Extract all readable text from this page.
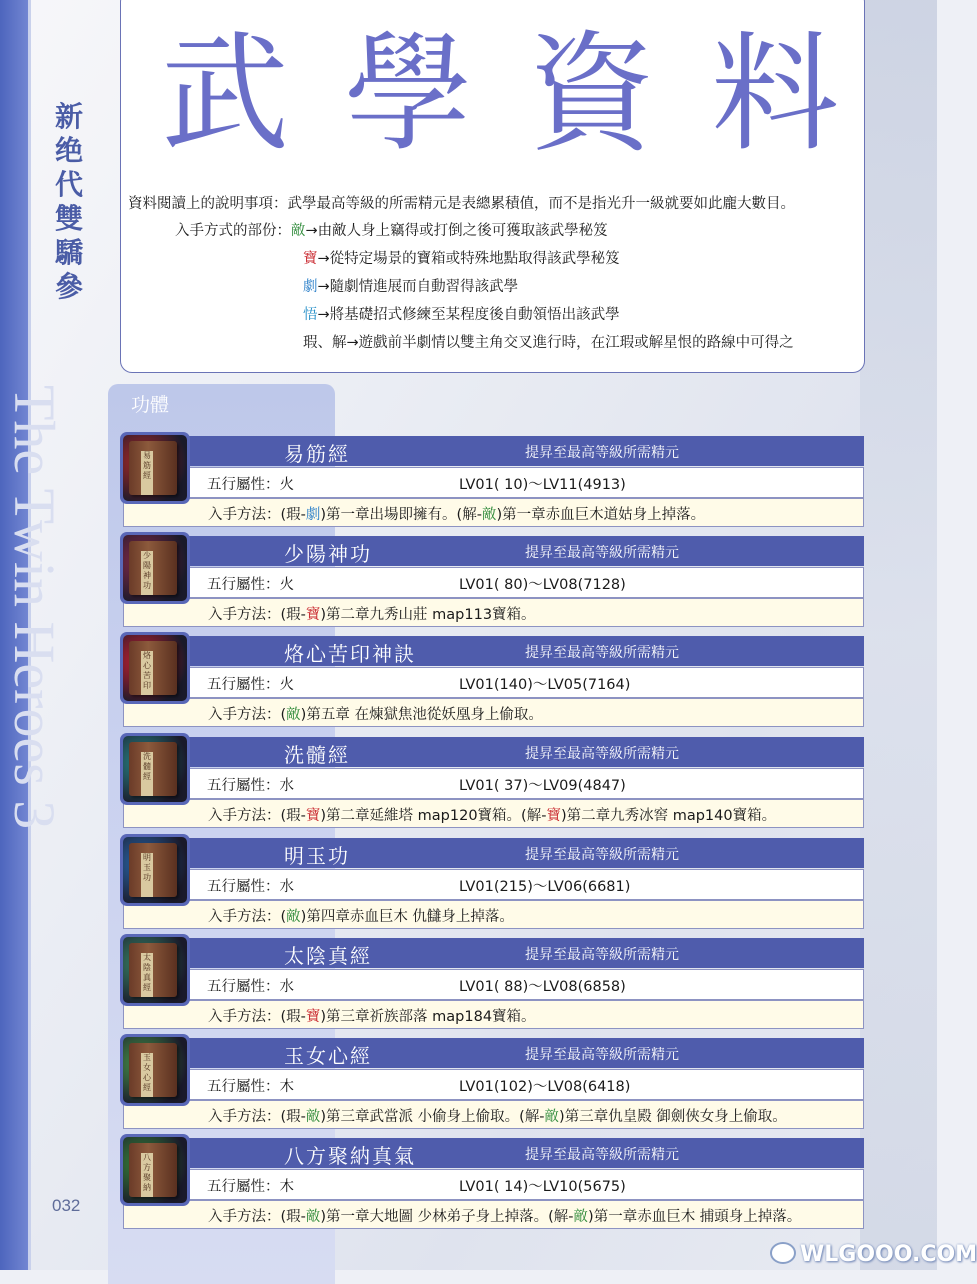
新
绝
代
雙
驕
參
The Twin Heroes 3
032
武 學 資 料
資料閱讀上的說明事項：武學最高等級的所需精元是表總累積值，而不是指光升一級就要如此龐大數目。
入手方式的部份：敵→由敵人身上竊得或打倒之後可獲取該武學秘笈
寶→從特定場景的寶箱或特殊地點取得該武學秘笈
劇→隨劇情進展而自動習得該武學
悟→將基礎招式修練至某程度後自動領悟出該武學
瑕、解→遊戲前半劇情以雙主角交叉進行時，在江瑕或解星恨的路線中可得之
功體
易筋經	提昇至最高等級所需精元
五行屬性：火	LV01( 10)～LV11(4913)
入手方法：(瑕-劇)第一章出場即擁有。(解-敵)第一章赤血巨木道姑身上掉落。
易筋經
少陽神功	提昇至最高等級所需精元
五行屬性：火	LV01( 80)～LV08(7128)
入手方法：(瑕-寶)第二章九秀山莊 map113寶箱。
少陽神功
烙心苦印神訣	提昇至最高等級所需精元
五行屬性：火	LV01(140)～LV05(7164)
入手方法：(敵)第五章 在煉獄焦池從妖凰身上偷取。
烙心苦印
洗髓經	提昇至最高等級所需精元
五行屬性：水	LV01( 37)～LV09(4847)
入手方法：(瑕-寶)第二章延維塔 map120寶箱。(解-寶)第二章九秀冰窖 map140寶箱。
洗髓經
明玉功	提昇至最高等級所需精元
五行屬性：水	LV01(215)～LV06(6681)
入手方法：(敵)第四章赤血巨木 仇讎身上掉落。
明玉功
太陰真經	提昇至最高等級所需精元
五行屬性：水	LV01( 88)～LV08(6858)
入手方法：(瑕-寶)第三章祈族部落 map184寶箱。
太陰真經
玉女心經	提昇至最高等級所需精元
五行屬性：木	LV01(102)～LV08(6418)
入手方法：(瑕-敵)第三章武當派 小偷身上偷取。(解-敵)第三章仇皇殿 御劍俠女身上偷取。
玉女心經
八方聚納真氣	提昇至最高等級所需精元
五行屬性：木	LV01( 14)～LV10(5675)
入手方法：(瑕-敵)第一章大地圖 少林弟子身上掉落。(解-敵)第一章赤血巨木 捕頭身上掉落。
八方聚納
WLGOOO.COM
